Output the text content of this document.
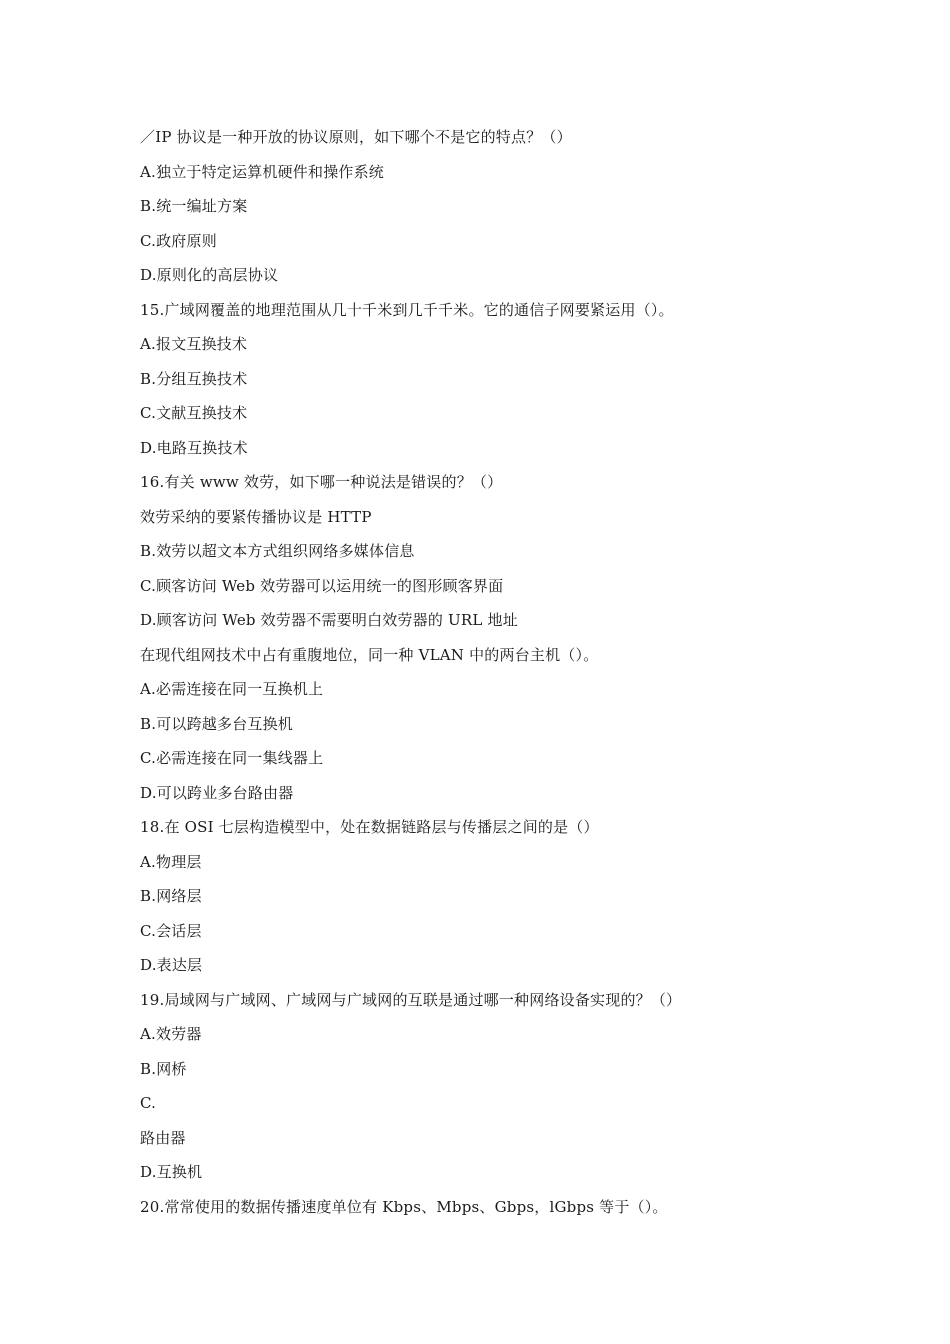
／IP 协议是一种开放的协议原则，如下哪个不是它的特点？（）
A.独立于特定运算机硬件和操作系统
B.统一编址方案
C.政府原则
D.原则化的高层协议
15.广域网覆盖的地理范围从几十千米到几千千米。它的通信子网要紧运用（）。
A.报文互换技术
B.分组互换技术
C.文献互换技术
D.电路互换技术
16.有关 www 效劳，如下哪一种说法是错误的？（）
效劳采纳的要紧传播协议是 HTTP
B.效劳以超文本方式组织网络多媒体信息
C.顾客访问 Web 效劳器可以运用统一的图形顾客界面
D.顾客访问 Web 效劳器不需要明白效劳器的 URL 地址
在现代组网技术中占有重腹地位，同一种 VLAN 中的两台主机（）。
A.必需连接在同一互换机上
B.可以跨越多台互换机
C.必需连接在同一集线器上
D.可以跨业多台路由器
18.在 OSI 七层构造模型中，处在数据链路层与传播层之间的是（）
A.物理层
B.网络层
C.会话层
D.表达层
19.局域网与广域网、广域网与广域网的互联是通过哪一种网络设备实现的？（）
A.效劳器
B.网桥
C.
路由器
D.互换机
20.常常使用的数据传播速度单位有 Kbps、Mbps、Gbps，lGbps 等于（）。
